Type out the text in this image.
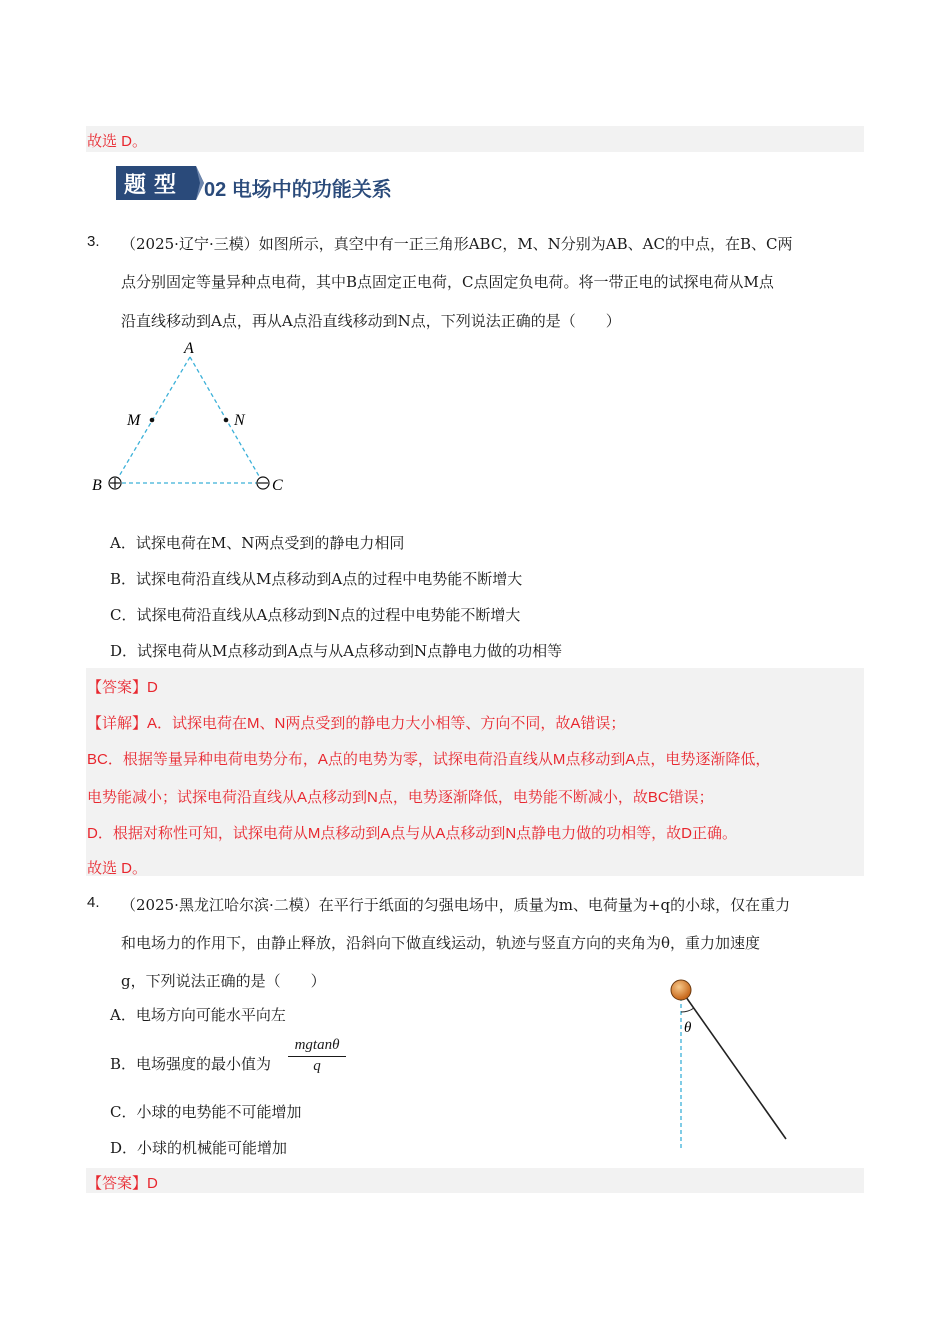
故选 D。
题型 02 电场中的功能关系
3. （2025·辽宁·三模）如图所示，真空中有一正三角形ABC，M、N分别为AB、AC的中点，在B、C两
点分别固定等量异种点电荷，其中B点固定正电荷，C点固定负电荷。将一带正电的试探电荷从M点
沿直线移动到A点，再从A点沿直线移动到N点，下列说法正确的是（　　）
A
B	C
M	N
A．试探电荷在M、N两点受到的静电力相同
B．试探电荷沿直线从M点移动到A点的过程中电势能不断增大
C．试探电荷沿直线从A点移动到N点的过程中电势能不断增大
D．试探电荷从M点移动到A点与从A点移动到N点静电力做的功相等
【答案】D
【详解】A．试探电荷在M、N两点受到的静电力大小相等、方向不同，故A错误；
BC．根据等量异种电荷电势分布，A点的电势为零，试探电荷沿直线从M点移动到A点，电势逐渐降低，
电势能减小；试探电荷沿直线从A点移动到N点，电势逐渐降低，电势能不断减小，故BC错误；
D．根据对称性可知，试探电荷从M点移动到A点与从A点移动到N点静电力做的功相等，故D正确。
故选 D。
4. （2025·黑龙江哈尔滨·二模）在平行于纸面的匀强电场中，质量为m、电荷量为+q的小球，仅在重力
和电场力的作用下，由静止释放，沿斜向下做直线运动，轨迹与竖直方向的夹角为θ，重力加速度
g，下列说法正确的是（　　）
A．电场方向可能水平向左
B．电场强度的最小值为 $\frac{mgtan\theta}{q}$
C．小球的电势能不可能增加
D．小球的机械能可能增加
θ
【答案】D
